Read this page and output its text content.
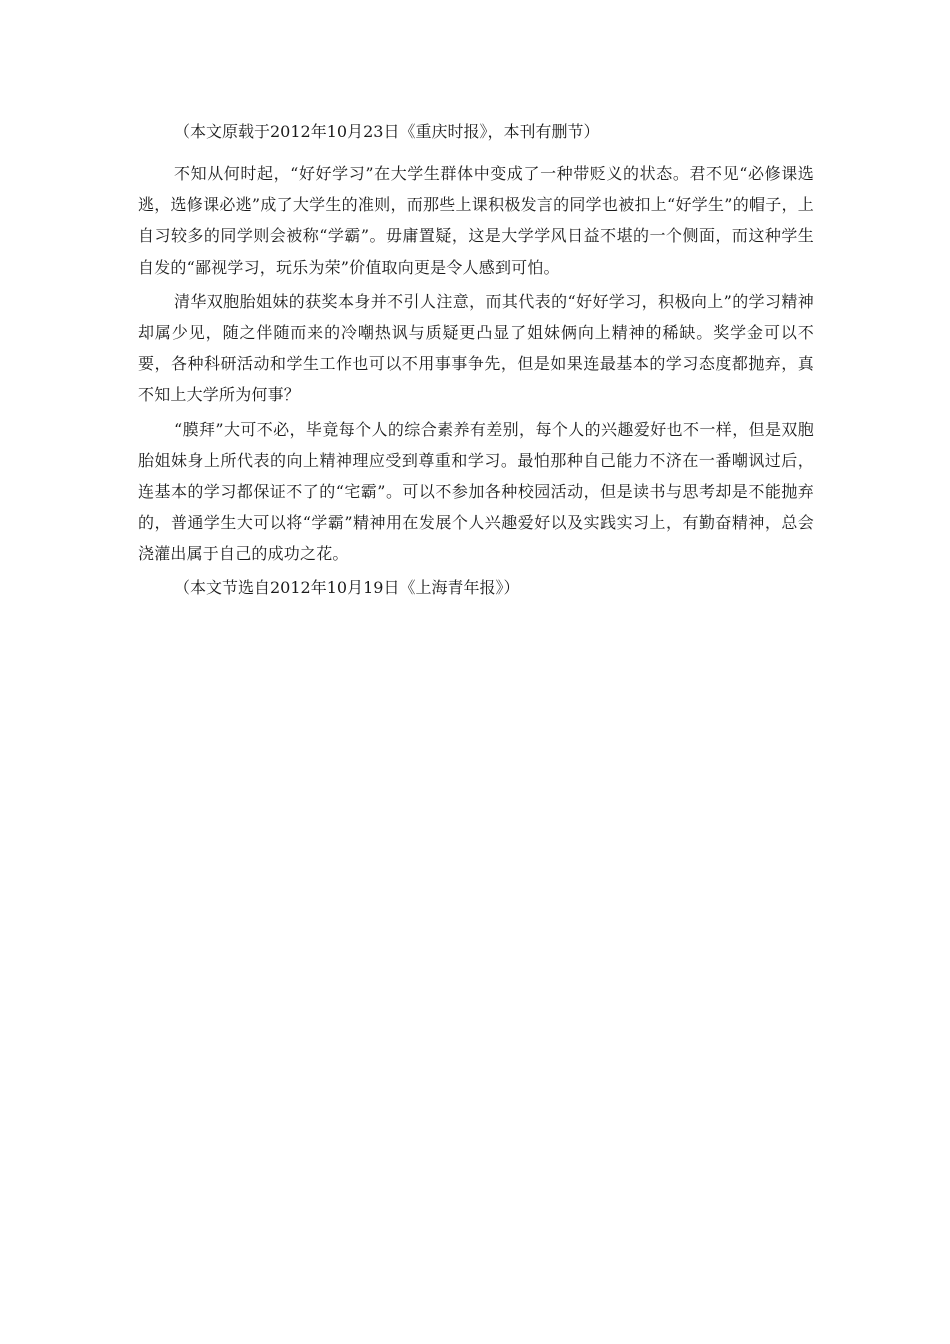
（本文原载于2012年10月23日《重庆时报》，本刊有删节）

不知从何时起，“好好学习”在大学生群体中变成了一种带贬义的状态。君不见“必修课选逃，选修课必逃”成了大学生的准则，而那些上课积极发言的同学也被扣上“好学生”的帽子，上自习较多的同学则会被称“学霸”。毋庸置疑，这是大学学风日益不堪的一个侧面，而这种学生自发的“鄙视学习，玩乐为荣”价值取向更是令人感到可怕。

清华双胞胎姐妹的获奖本身并不引人注意，而其代表的“好好学习，积极向上”的学习精神却属少见，随之伴随而来的冷嘲热讽与质疑更凸显了姐妹俩向上精神的稀缺。奖学金可以不要，各种科研活动和学生工作也可以不用事事争先，但是如果连最基本的学习态度都抛弃，真不知上大学所为何事？

“膜拜”大可不必，毕竟每个人的综合素养有差别，每个人的兴趣爱好也不一样，但是双胞胎姐妹身上所代表的向上精神理应受到尊重和学习。最怕那种自己能力不济在一番嘲讽过后，连基本的学习都保证不了的“宅霸”。可以不参加各种校园活动，但是读书与思考却是不能抛弃的，普通学生大可以将“学霸”精神用在发展个人兴趣爱好以及实践实习上，有勤奋精神，总会浇灌出属于自己的成功之花。

（本文节选自2012年10月19日《上海青年报》）
